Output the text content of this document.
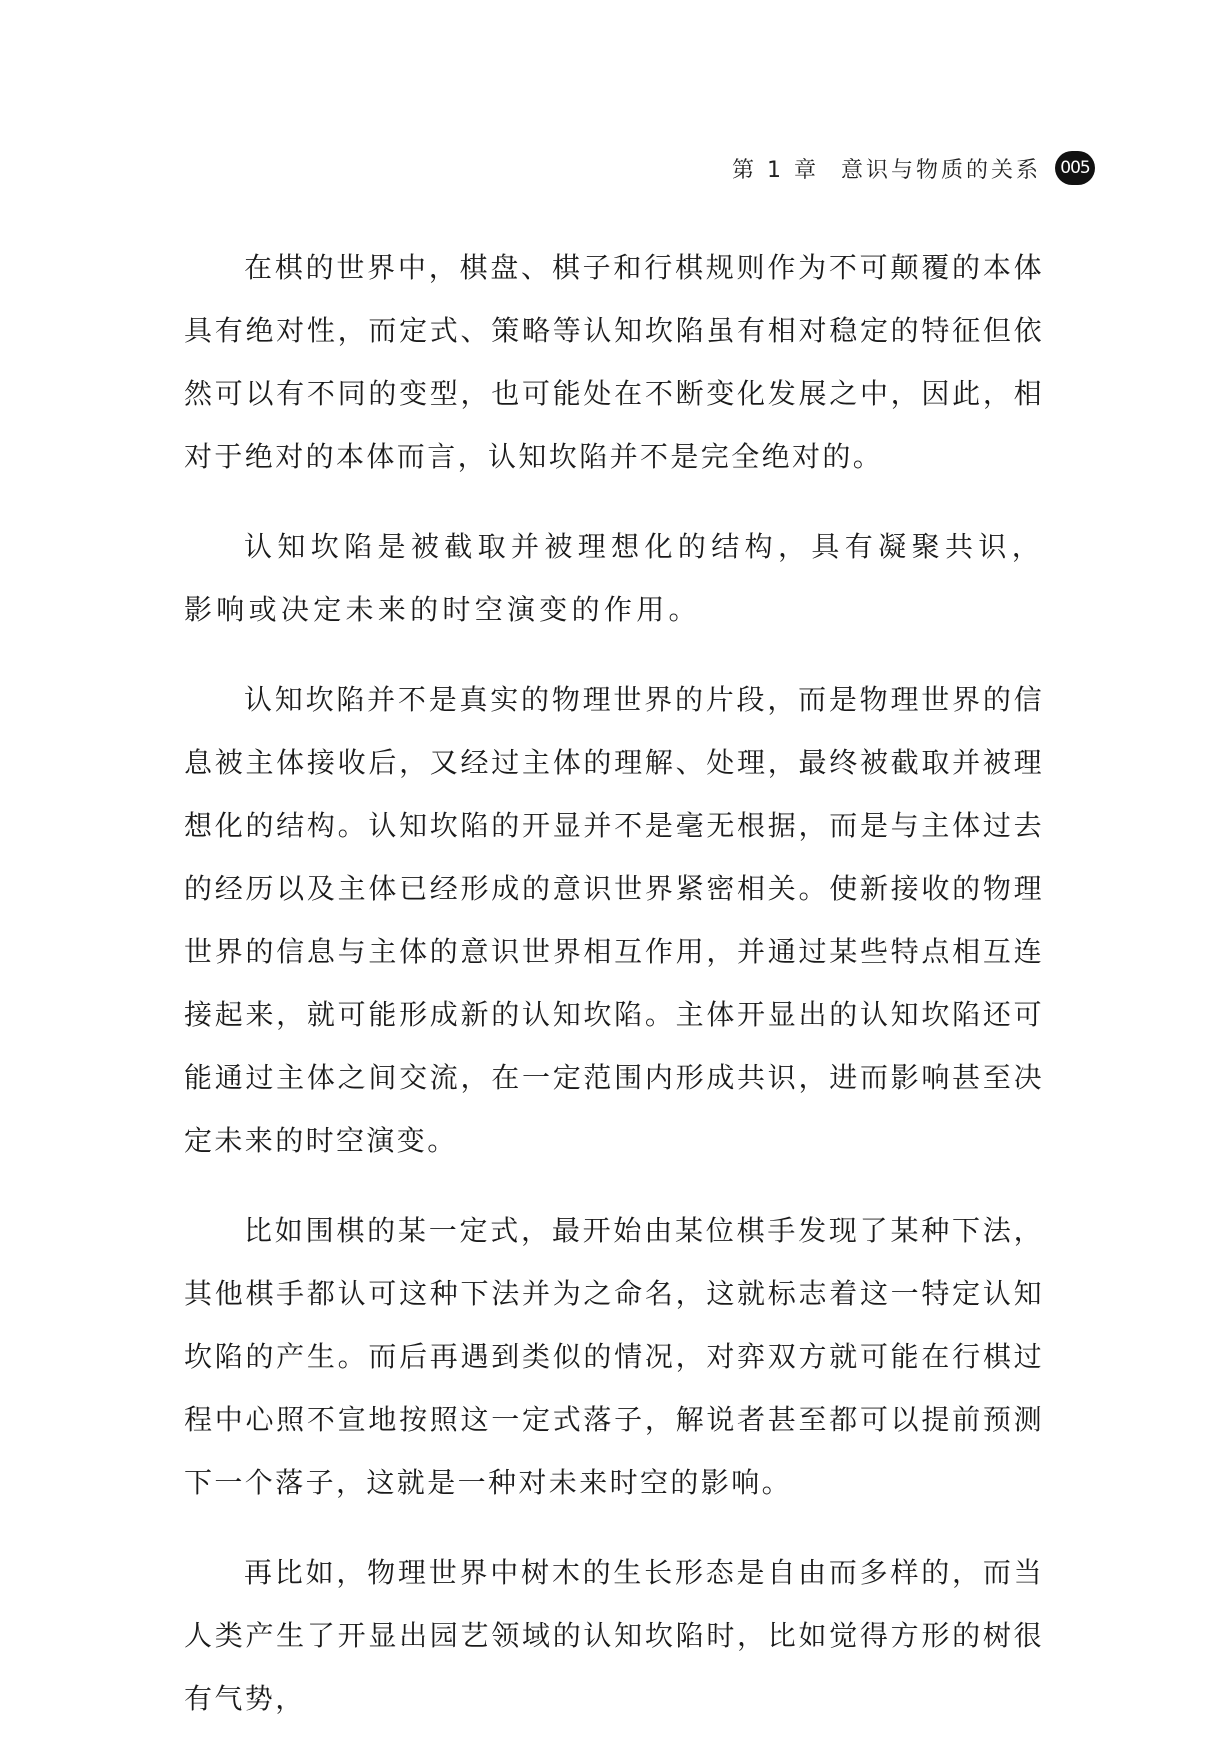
第 1 章 意识与物质的关系	005

在棋的世界中，棋盘、棋子和行棋规则作为不可颠覆的本体具有绝对性，而定式、策略等认知坎陷虽有相对稳定的特征但依然可以有不同的变型，也可能处在不断变化发展之中，因此，相对于绝对的本体而言，认知坎陷并不是完全绝对的。

认知坎陷是被截取并被理想化的结构，具有凝聚共识，影响或决定未来的时空演变的作用。

认知坎陷并不是真实的物理世界的片段，而是物理世界的信息被主体接收后，又经过主体的理解、处理，最终被截取并被理想化的结构。认知坎陷的开显并不是毫无根据，而是与主体过去的经历以及主体已经形成的意识世界紧密相关。使新接收的物理世界的信息与主体的意识世界相互作用，并通过某些特点相互连接起来，就可能形成新的认知坎陷。主体开显出的认知坎陷还可能通过主体之间交流，在一定范围内形成共识，进而影响甚至决定未来的时空演变。

比如围棋的某一定式，最开始由某位棋手发现了某种下法，其他棋手都认可这种下法并为之命名，这就标志着这一特定认知坎陷的产生。而后再遇到类似的情况，对弈双方就可能在行棋过程中心照不宣地按照这一定式落子，解说者甚至都可以提前预测下一个落子，这就是一种对未来时空的影响。

再比如，物理世界中树木的生长形态是自由而多样的，而当人类产生了开显出园艺领域的认知坎陷时，比如觉得方形的树很有气势，
